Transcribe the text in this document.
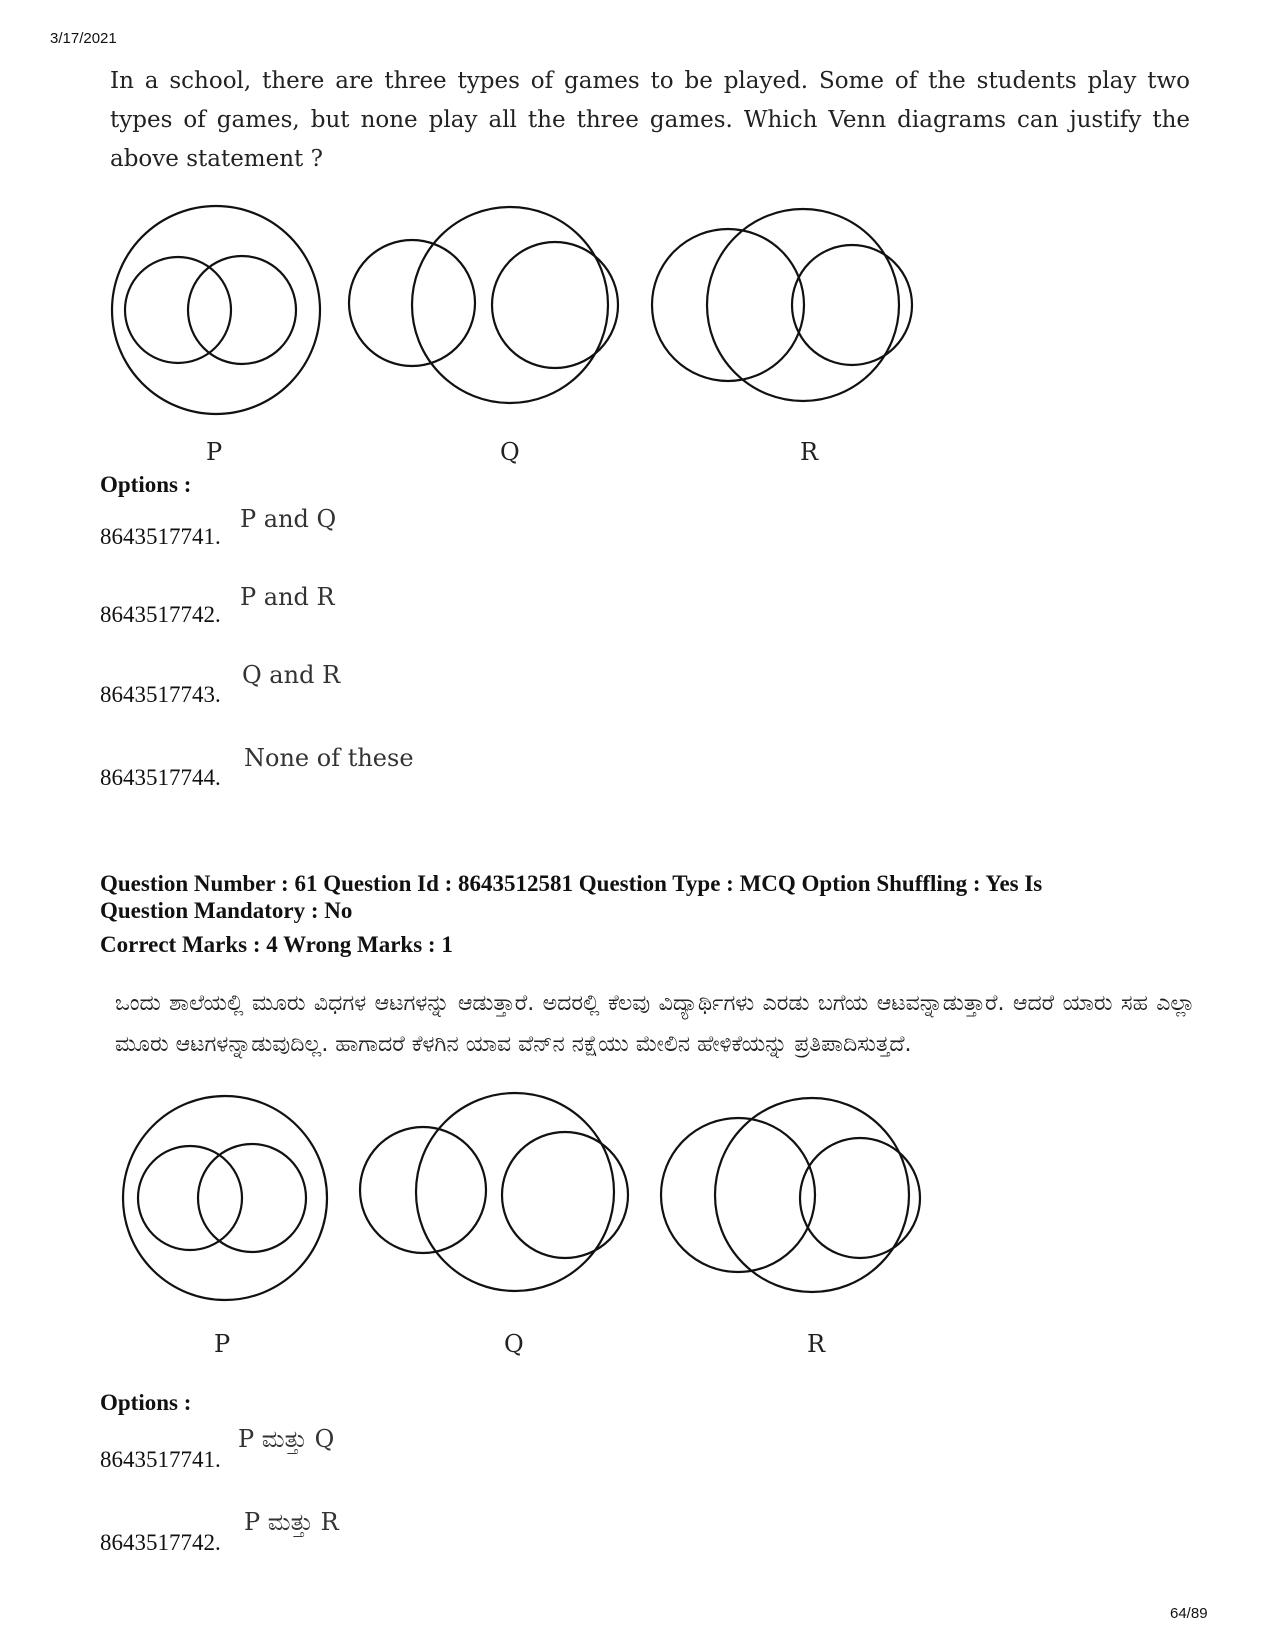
3/17/2021
In a school, there are three types of games to be played. Some of the students play two types of games, but none play all the three games. Which Venn diagrams can justify the above statement ?
P	Q	R
Options :
8643517741.
P and Q
8643517742.
P and R
8643517743.
Q and R
8643517744.
None of these
Question Number : 61 Question Id : 8643512581 Question Type : MCQ Option Shuffling : Yes Is
Question Mandatory : No
Correct Marks : 4 Wrong Marks : 1
ಒಂದು ಶಾಲೆಯಲ್ಲಿ ಮೂರು ವಿಧಗಳ ಆಟಗಳನ್ನು ಆಡುತ್ತಾರೆ. ಅದರಲ್ಲಿ ಕೆಲವು ವಿದ್ಯಾರ್ಥಿಗಳು ಎರಡು ಬಗೆಯ ಆಟವನ್ನಾಡುತ್ತಾರೆ. ಆದರೆ ಯಾರು ಸಹ ಎಲ್ಲಾ ಮೂರು ಆಟಗಳನ್ನಾಡುವುದಿಲ್ಲ. ಹಾಗಾದರೆ ಕೆಳಗಿನ ಯಾವ ವೆನ್‌ನ ನಕ್ಷೆಯು ಮೇಲಿನ ಹೇಳಿಕೆಯನ್ನು ಪ್ರತಿಪಾದಿಸುತ್ತದೆ.
P	Q	R
Options :
8643517741.
P ಮತ್ತು Q
8643517742.
P ಮತ್ತು R
64/89
